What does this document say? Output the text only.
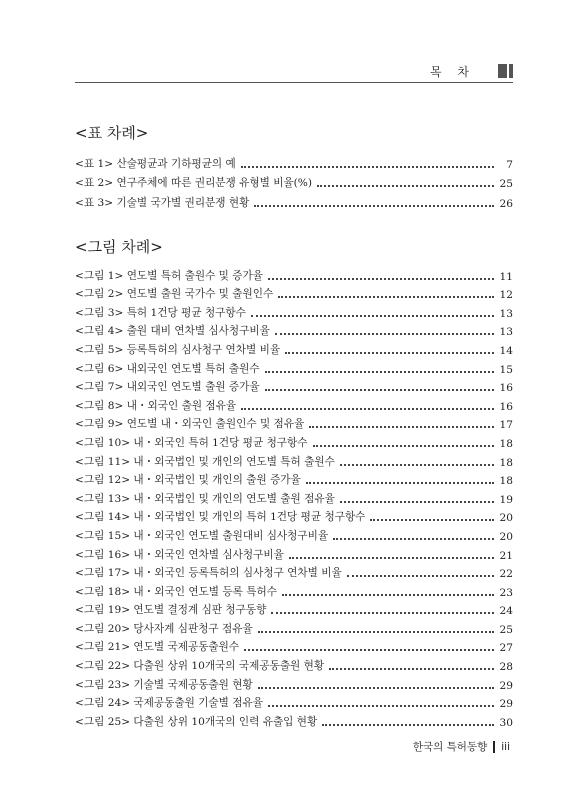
목 차
<표 차례>
<표 1> 산술평균과 기하평균의 예	7
<표 2> 연구주체에 따른 권리분쟁 유형별 비율(%)	25
<표 3> 기술별 국가별 권리분쟁 현황	26
<그림 차례>
<그림 1> 연도별 특허 출원수 및 증가율	11
<그림 2> 연도별 출원 국가수 및 출원인수	12
<그림 3> 특허 1건당 평균 청구항수	13
<그림 4> 출원 대비 연차별 심사청구비율	13
<그림 5> 등록특허의 심사청구 연차별 비율	14
<그림 6> 내외국인 연도별 특허 출원수	15
<그림 7> 내외국인 연도별 출원 증가율	16
<그림 8> 내・외국인 출원 점유율	16
<그림 9> 연도별 내・외국인 출원인수 및 점유율	17
<그림 10> 내・외국인 특허 1건당 평균 청구항수	18
<그림 11> 내・외국법인 및 개인의 연도별 특허 출원수	18
<그림 12> 내・외국법인 및 개인의 출원 증가율	18
<그림 13> 내・외국법인 및 개인의 연도별 출원 점유율	19
<그림 14> 내・외국법인 및 개인의 특허 1건당 평균 청구항수	20
<그림 15> 내・외국인 연도별 출원대비 심사청구비율	20
<그림 16> 내・외국인 연차별 심사청구비율	21
<그림 17> 내・외국인 등록특허의 심사청구 연차별 비율	22
<그림 18> 내・외국인 연도별 등록 특허수	23
<그림 19> 연도별 결정계 심판 청구동향	24
<그림 20> 당사자계 심판청구 점유율	25
<그림 21> 연도별 국제공동출원수	27
<그림 22> 다출원 상위 10개국의 국제공동출원 현황	28
<그림 23> 기술별 국제공동출원 현황	29
<그림 24> 국제공동출원 기술별 점유율	29
<그림 25> 다출원 상위 10개국의 인력 유출입 현황	30
한국의 특허동향 iii
